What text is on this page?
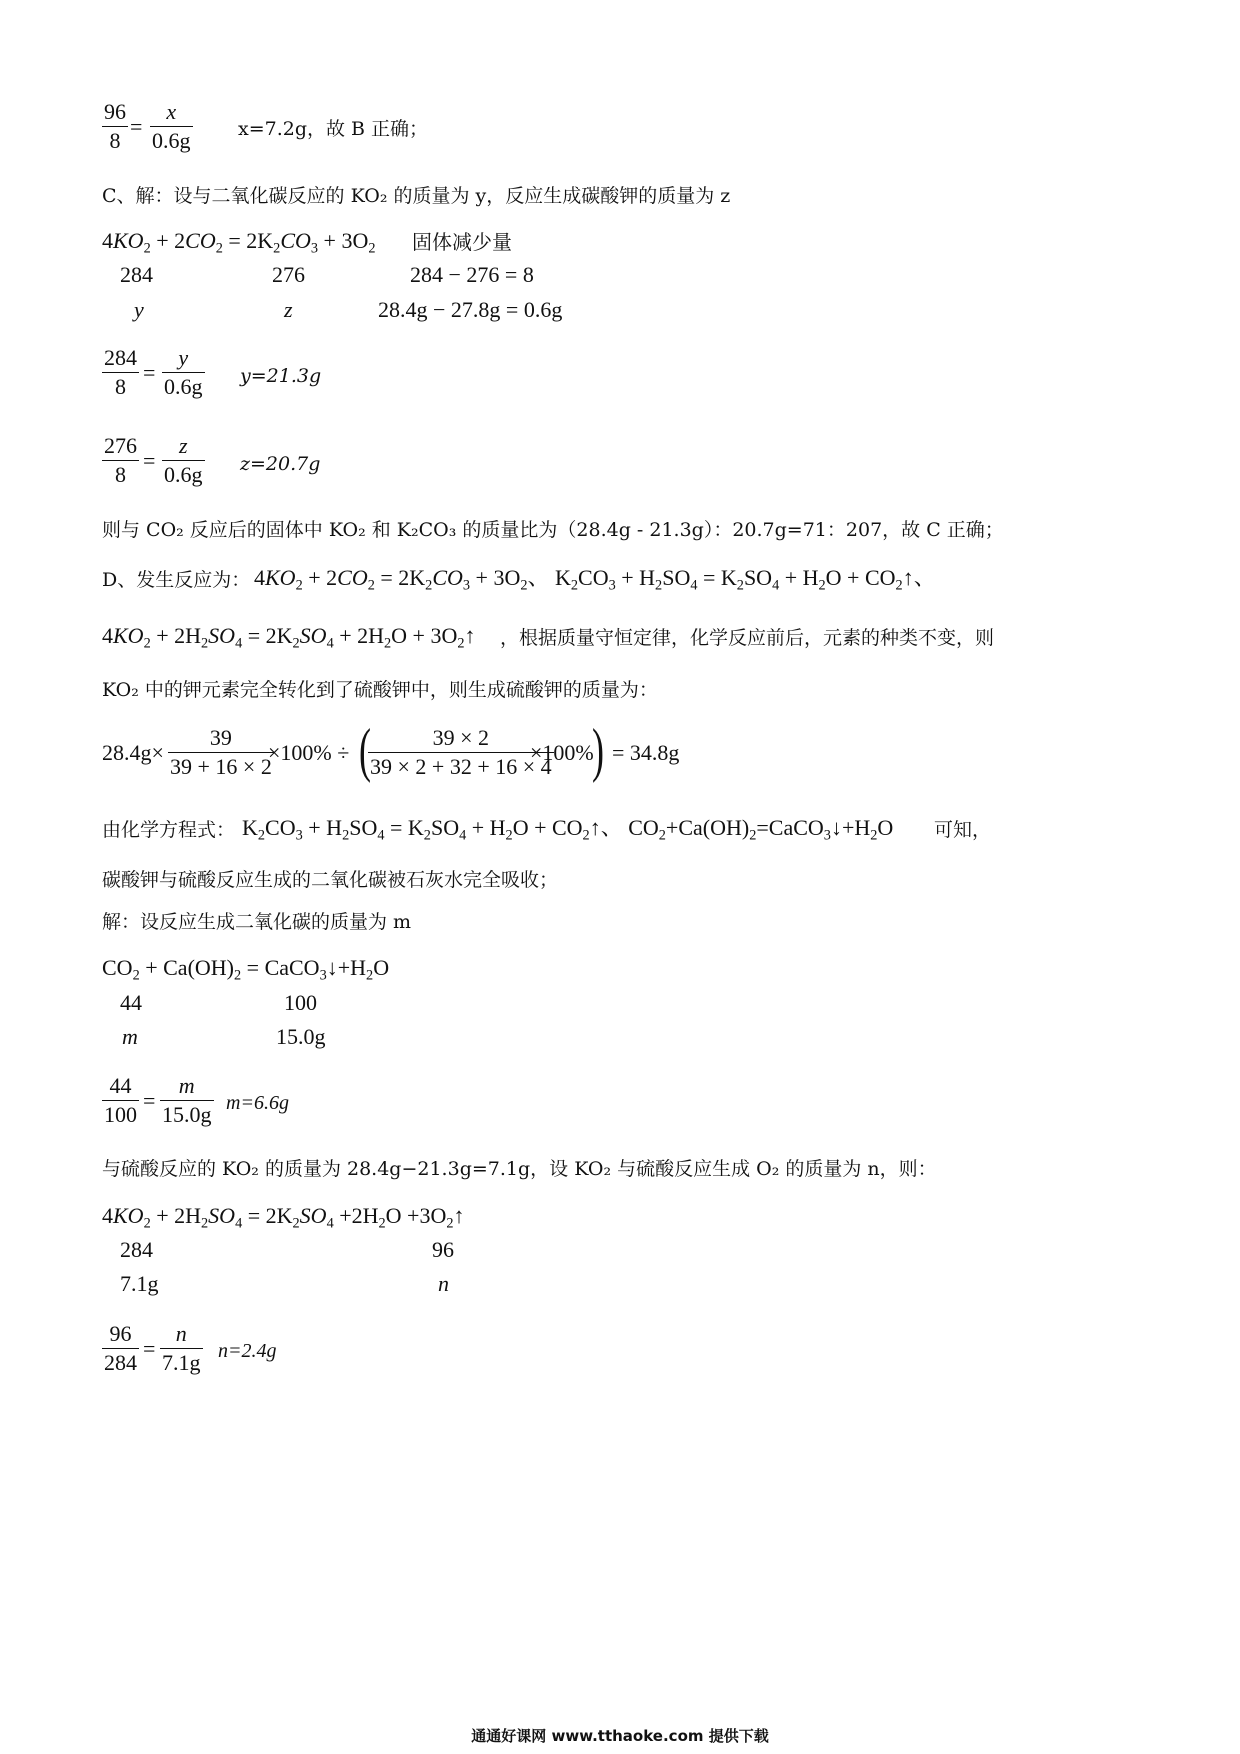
$\frac{96}{8} = \frac{x}{0.6g} x=7.2g$，故 B 正确；
C、解：设与二氧化碳反应的 KO₂ 的质量为 y，反应生成碳酸钾的质量为 z
$4KO_2 + 2CO_2 = 2K_2CO_3 + 3O_2$ 固体减少量
284	276	284 − 276 = 8
y	z	28.4g − 27.8g = 0.6g
$\frac{284}{8} = \frac{y}{0.6g} y=21.3g$
$\frac{276}{8} = \frac{z}{0.6g} z=20.7g$
则与 CO₂ 反应后的固体中 KO₂ 和 K₂CO₃ 的质量比为（28.4g - 21.3g）：20.7g=71：207，故 C 正确；
D、发生反应为： $4KO_2 + 2CO_2 = 2K_2CO_3 + 3O_2$、 $K_2CO_3 + H_2SO_4 = K_2SO_4 + H_2O$ + $CO_2↑$、
$4KO_2 + 2H_2SO_4 = 2K_2SO_4 + 2H_2O$ + $3O_2↑$ ，根据质量守恒定律，化学反应前后，元素的种类不变，则
KO₂ 中的钾元素完全转化到了硫酸钾中，则生成硫酸钾的质量为：
$28.4g\times \frac{39}{39 + 16 \times 2}$
×100% ÷ (
$\frac{39 \times 2}{39 \times 2 + 32 + 16 \times 4}$
×100%
) = 34.8g
由化学方程式： $K_2CO_3 + H_2SO_4 = K_2SO_4 + H_2O$ + $CO_2↑$、 $CO_2+Ca(OH)_2=CaCO_3↓+H_2O$ 可知，
碳酸钾与硫酸反应生成的二氧化碳被石灰水完全吸收；
解：设反应生成二氧化碳的质量为 m
$CO_2 + Ca(OH)_2$ = $CaCO_3↓+H_2O$
44	100
m	15.0g
$\frac{44}{100} = \frac{m}{15.0g} m=6.6g$
与硫酸反应的 KO₂ 的质量为 28.4g−21.3g=7.1g，设 KO₂ 与硫酸反应生成 O₂ 的质量为 n，则：
$4KO_2 + 2H_2SO_4 = 2K_2SO_4 +2H_2O$ $+3O_2↑$
284	96
7.1g	n
$\frac{96}{284} = \frac{n}{7.1g} n=2.4g$
通通好课网 www.tthaoke.com 提供下载
